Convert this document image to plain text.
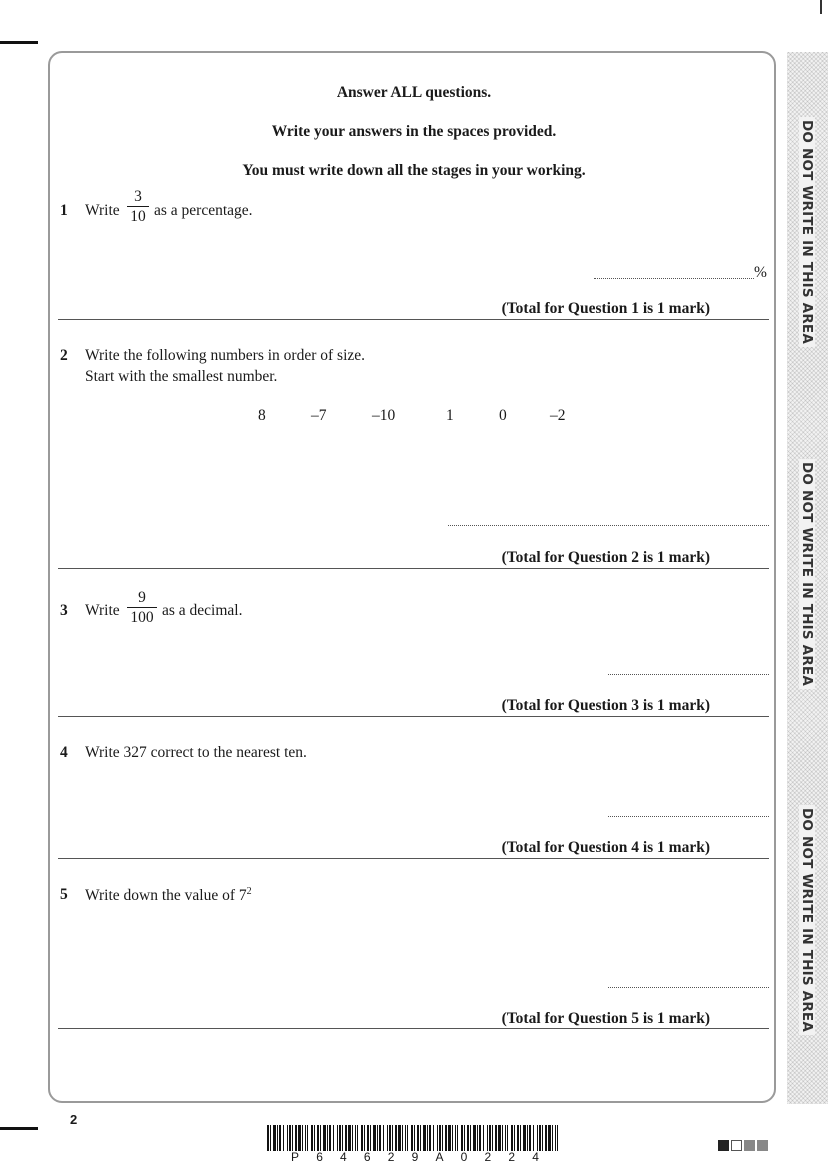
DO NOT WRITE IN THIS AREA
DO NOT WRITE IN THIS AREA
DO NOT WRITE IN THIS AREA
Answer ALL questions.
Write your answers in the spaces provided.
You must write down all the stages in your working.
1 Write
3
10 as a percentage.
%
(Total for Question 1 is 1 mark)
2 Write the following numbers in order of size.
Start with the smallest number.
8	–7	–10	1	0	–2
(Total for Question 2 is 1 mark)
3 Write
9
100 as a decimal.
(Total for Question 3 is 1 mark)
4 Write 327 correct to the nearest ten.
(Total for Question 4 is 1 mark)
5 Write down the value of $7^2$
(Total for Question 5 is 1 mark)
2
P 6 4 6 2 9 A 0 2 2 4
